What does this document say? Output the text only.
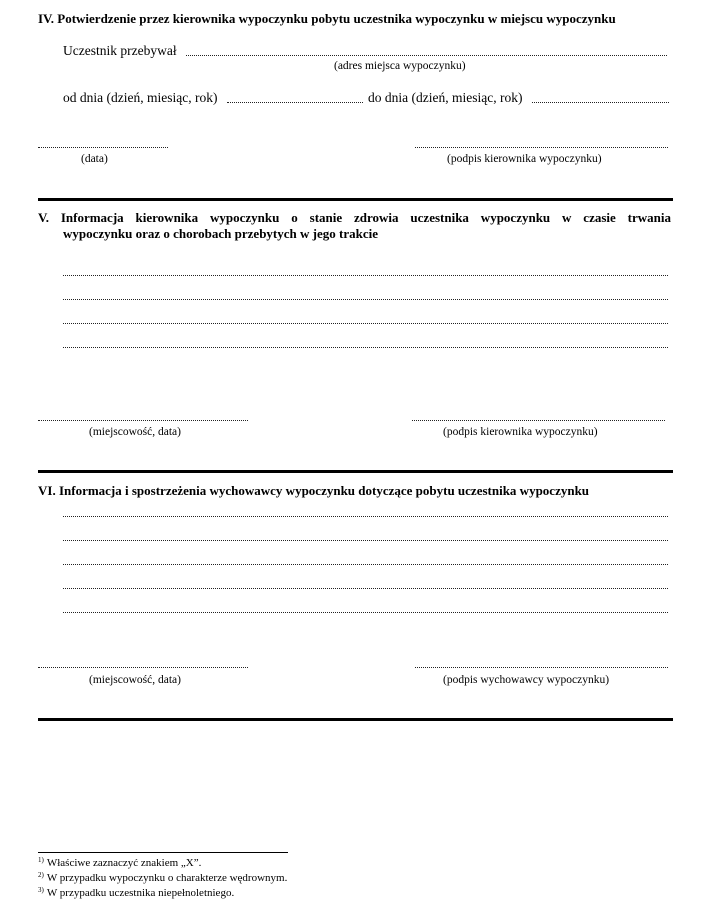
IV. Potwierdzenie przez kierownika wypoczynku pobytu uczestnika wypoczynku w miejscu wypoczynku
Uczestnik przebywał
(adres miejsca wypoczynku)
od dnia (dzień, miesiąc, rok)	do dnia (dzień, miesiąc, rok)
(data)	(podpis kierownika wypoczynku)
V. Informacja kierownika wypoczynku o stanie zdrowia uczestnika wypoczynku w czasie trwania
wypoczynku oraz o chorobach przebytych w jego trakcie
(miejscowość, data)	(podpis kierownika wypoczynku)
VI. Informacja i spostrzeżenia wychowawcy wypoczynku dotyczące pobytu uczestnika wypoczynku
(miejscowość, data)	(podpis wychowawcy wypoczynku)
$^{1)}$ Właściwe zaznaczyć znakiem „X”.
$^{2)}$ W przypadku wypoczynku o charakterze wędrownym.
$^{3)}$ W przypadku uczestnika niepełnoletniego.
